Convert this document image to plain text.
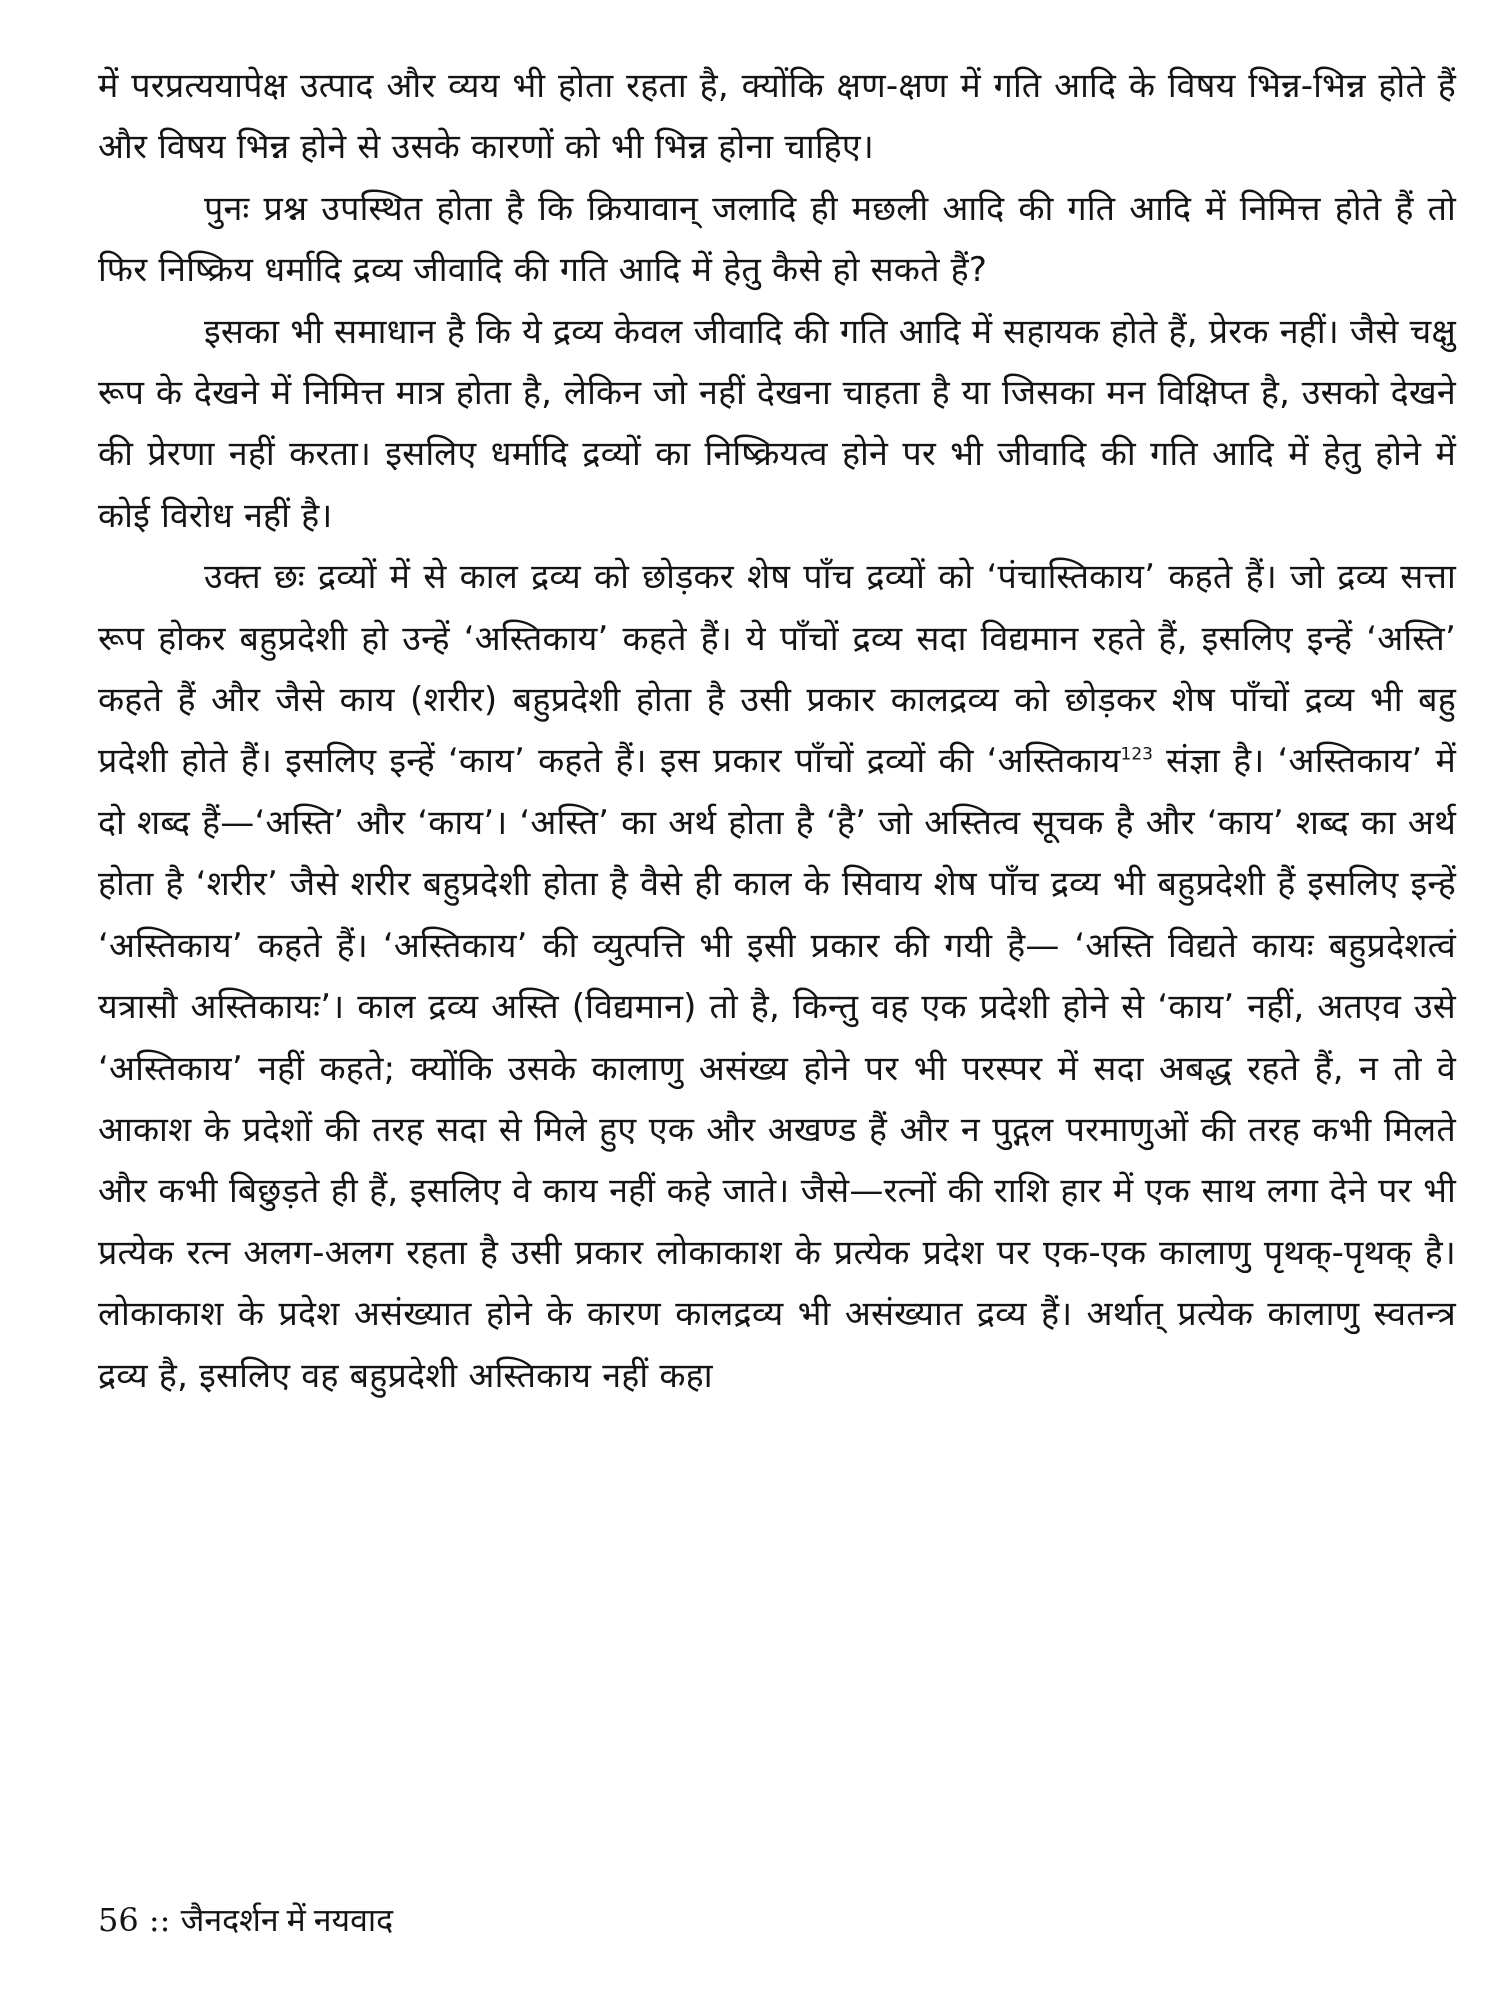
में परप्रत्ययापेक्ष उत्पाद और व्यय भी होता रहता है, क्योंकि क्षण-क्षण में गति आदि के विषय भिन्न-भिन्न होते हैं और विषय भिन्न होने से उसके कारणों को भी भिन्न होना चाहिए।

पुनः प्रश्न उपस्थित होता है कि क्रियावान् जलादि ही मछली आदि की गति आदि में निमित्त होते हैं तो फिर निष्क्रिय धर्मादि द्रव्य जीवादि की गति आदि में हेतु कैसे हो सकते हैं?

इसका भी समाधान है कि ये द्रव्य केवल जीवादि की गति आदि में सहायक होते हैं, प्रेरक नहीं। जैसे चक्षु रूप के देखने में निमित्त मात्र होता है, लेकिन जो नहीं देखना चाहता है या जिसका मन विक्षिप्त है, उसको देखने की प्रेरणा नहीं करता। इसलिए धर्मादि द्रव्यों का निष्क्रियत्व होने पर भी जीवादि की गति आदि में हेतु होने में कोई विरोध नहीं है।

उक्त छः द्रव्यों में से काल द्रव्य को छोड़कर शेष पाँच द्रव्यों को ‘पंचास्तिकाय’ कहते हैं। जो द्रव्य सत्ता रूप होकर बहुप्रदेशी हो उन्हें ‘अस्तिकाय’ कहते हैं। ये पाँचों द्रव्य सदा विद्यमान रहते हैं, इसलिए इन्हें ‘अस्ति’ कहते हैं और जैसे काय (शरीर) बहुप्रदेशी होता है उसी प्रकार कालद्रव्य को छोड़कर शेष पाँचों द्रव्य भी बहु प्रदेशी होते हैं। इसलिए इन्हें ‘काय’ कहते हैं। इस प्रकार पाँचों द्रव्यों की ‘अस्तिकाय$^{123}$ संज्ञा है। ‘अस्तिकाय’ में दो शब्द हैं—‘अस्ति’ और ‘काय’। ‘अस्ति’ का अर्थ होता है ‘है’ जो अस्तित्व सूचक है और ‘काय’ शब्द का अर्थ होता है ‘शरीर’ जैसे शरीर बहुप्रदेशी होता है वैसे ही काल के सिवाय शेष पाँच द्रव्य भी बहुप्रदेशी हैं इसलिए इन्हें ‘अस्तिकाय’ कहते हैं। ‘अस्तिकाय’ की व्युत्पत्ति भी इसी प्रकार की गयी है— ‘अस्ति विद्यते कायः बहुप्रदेशत्वं यत्रासौ अस्तिकायः’। काल द्रव्य अस्ति (विद्यमान) तो है, किन्तु वह एक प्रदेशी होने से ‘काय’ नहीं, अतएव उसे ‘अस्तिकाय’ नहीं कहते; क्योंकि उसके कालाणु असंख्य होने पर भी परस्पर में सदा अबद्ध रहते हैं, न तो वे आकाश के प्रदेशों की तरह सदा से मिले हुए एक और अखण्ड हैं और न पुद्गल परमाणुओं की तरह कभी मिलते और कभी बिछुड़ते ही हैं, इसलिए वे काय नहीं कहे जाते। जैसे—रत्नों की राशि हार में एक साथ लगा देने पर भी प्रत्येक रत्न अलग-अलग रहता है उसी प्रकार लोकाकाश के प्रत्येक प्रदेश पर एक-एक कालाणु पृथक्-पृथक् है। लोकाकाश के प्रदेश असंख्यात होने के कारण कालद्रव्य भी असंख्यात द्रव्य हैं। अर्थात् प्रत्येक कालाणु स्वतन्त्र द्रव्य है, इसलिए वह बहुप्रदेशी अस्तिकाय नहीं कहा

56 :: जैनदर्शन में नयवाद
